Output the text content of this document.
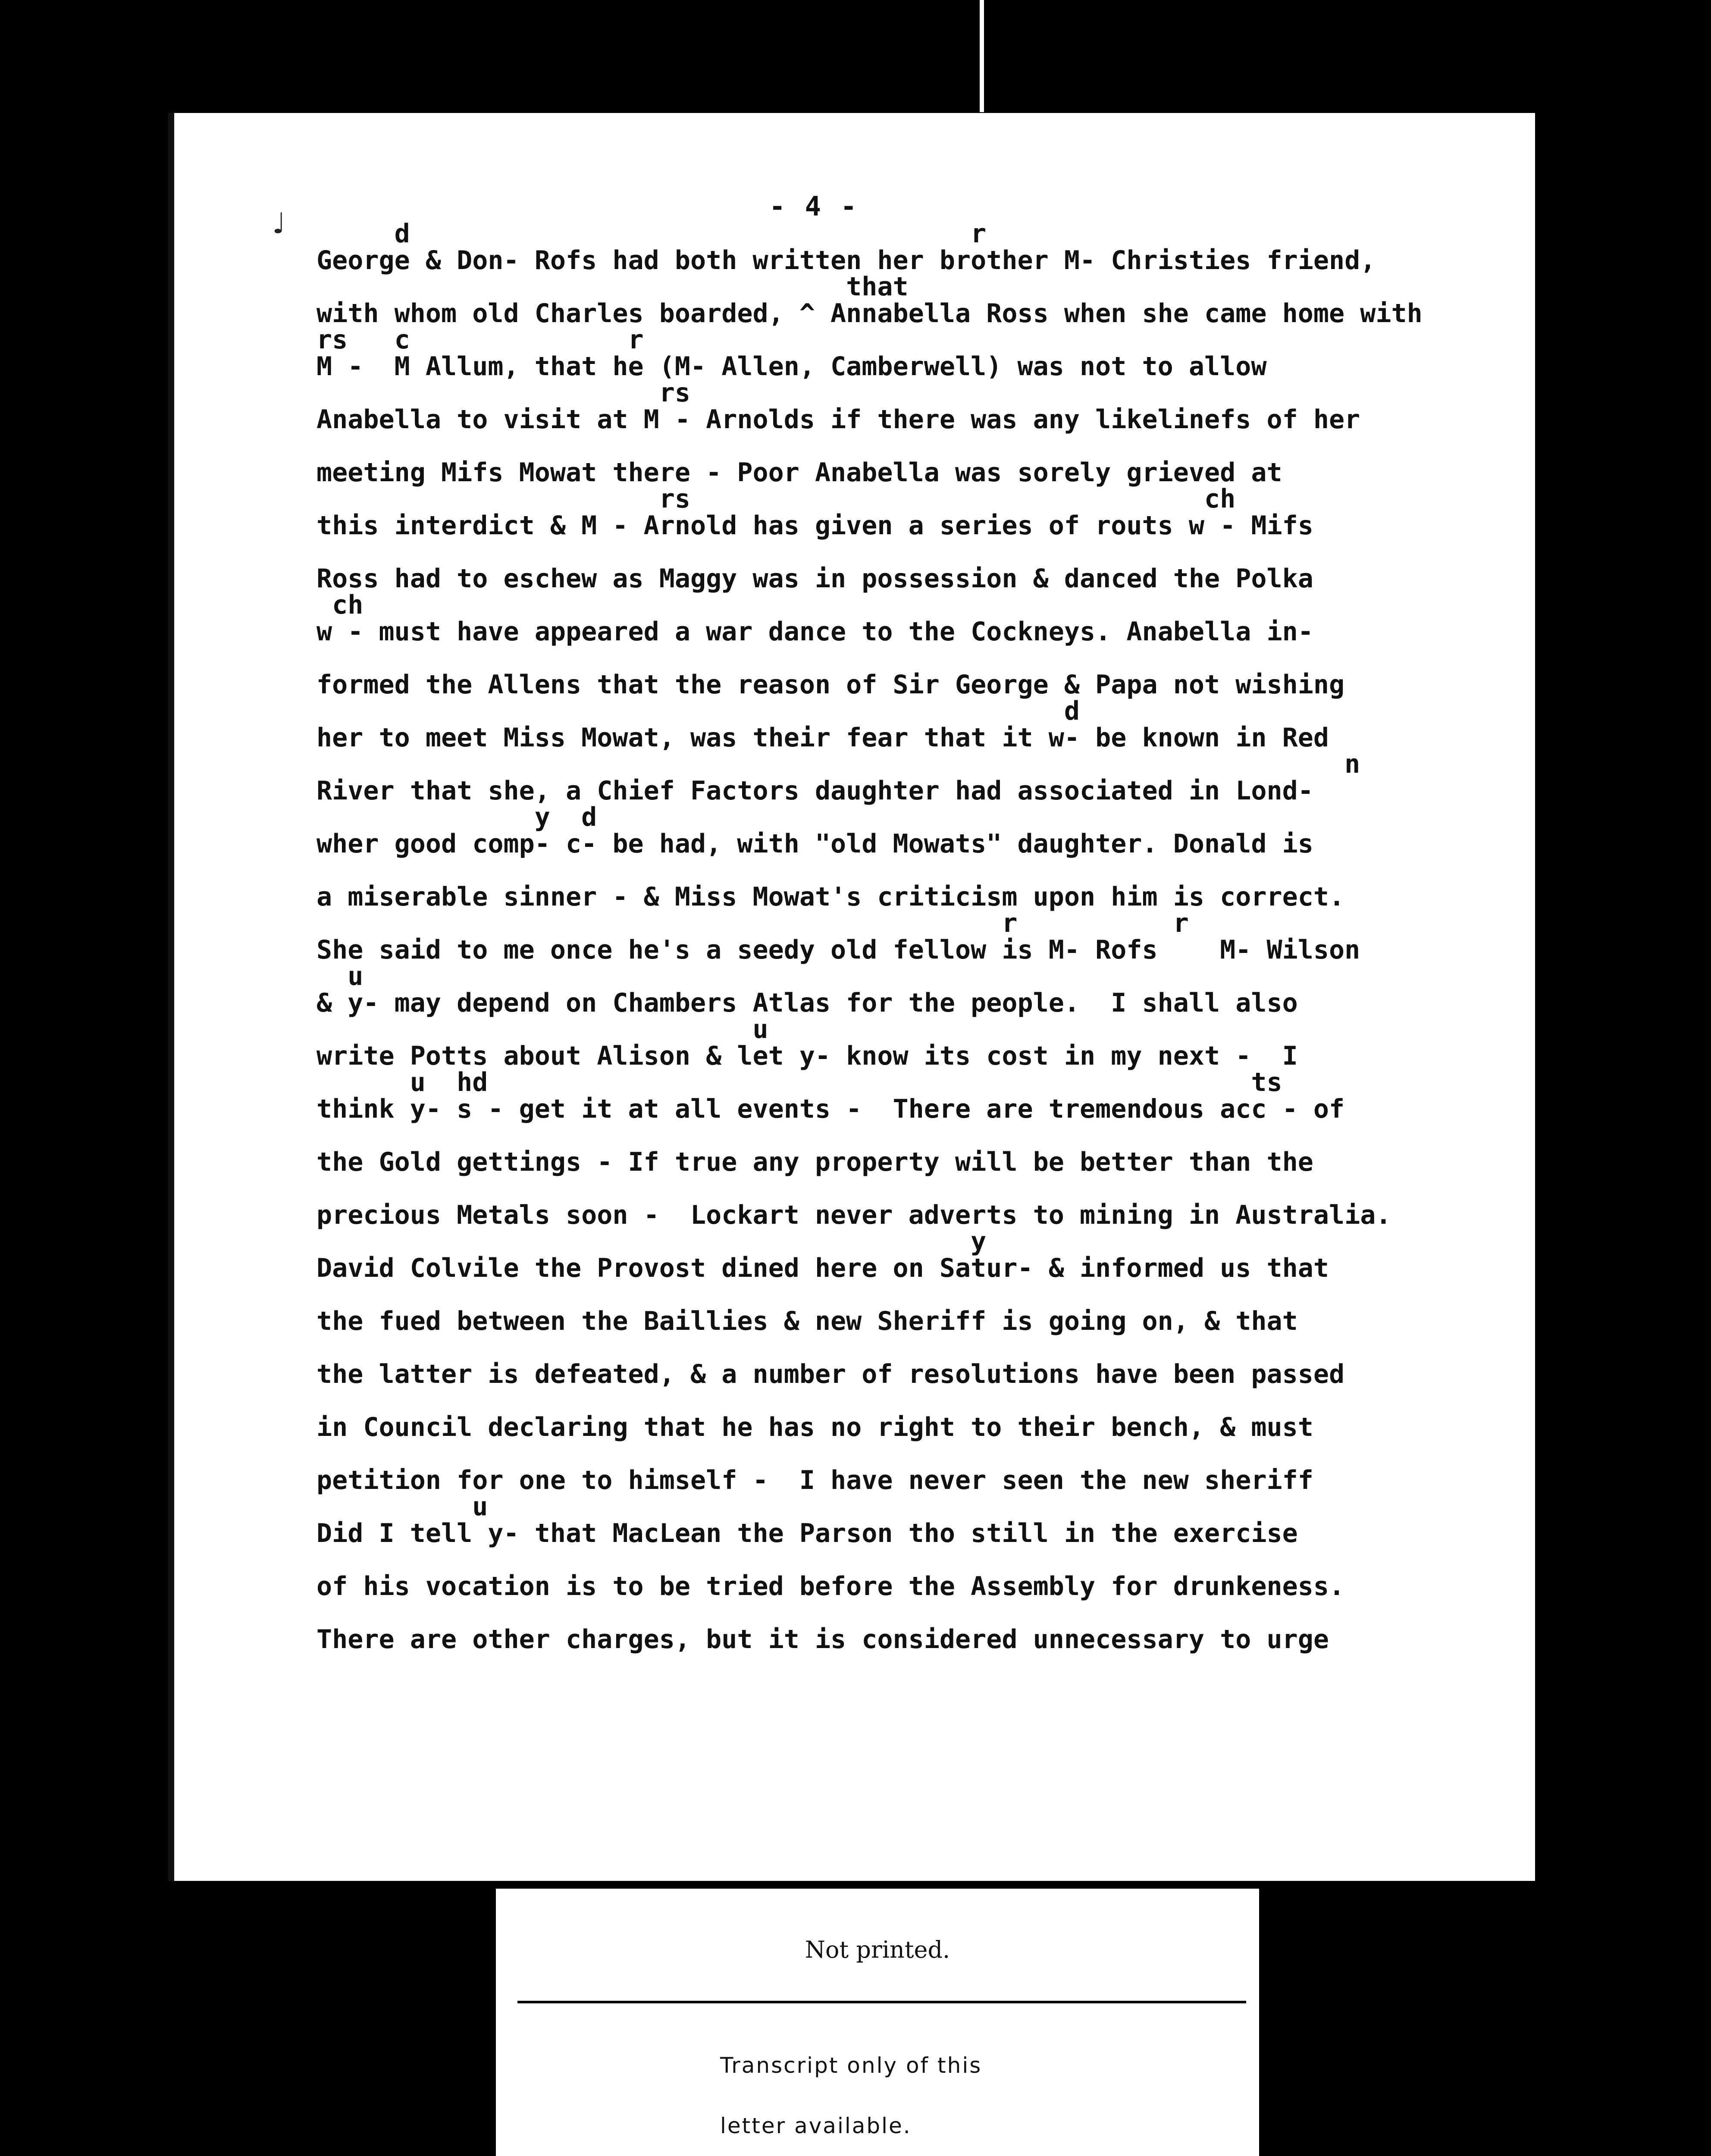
♩	- 4 -
d                                    r
George & Don- Rofs had both written her brother M- Christies friend,
that
with whom old Charles boarded, ^ Annabella Ross when she came home with
rs   c              r
M -  M Allum, that he (M- Allen, Camberwell) was not to allow
rs
Anabella to visit at M - Arnolds if there was any likelinefs of her
meeting Mifs Mowat there - Poor Anabella was sorely grieved at
rs                                 ch
this interdict & M - Arnold has given a series of routs w - Mifs
Ross had to eschew as Maggy was in possession & danced the Polka
ch
w - must have appeared a war dance to the Cockneys. Anabella in-
formed the Allens that the reason of Sir George & Papa not wishing
d
her to meet Miss Mowat, was their fear that it w- be known in Red
n
River that she, a Chief Factors daughter had associated in Lond-
y  d
wher good comp- c- be had, with "old Mowats" daughter. Donald is
a miserable sinner - & Miss Mowat's criticism upon him is correct.
r          r
She said to me once he's a seedy old fellow is M- Rofs    M- Wilson
u
& y- may depend on Chambers Atlas for the people.  I shall also
u
write Potts about Alison & let y- know its cost in my next -  I
u  hd                                                 ts
think y- s - get it at all events -  There are tremendous acc - of
the Gold gettings - If true any property will be better than the
precious Metals soon -  Lockart never adverts to mining in Australia.
y
David Colvile the Provost dined here on Satur- & informed us that
the fued between the Baillies & new Sheriff is going on, & that
the latter is defeated, & a number of resolutions have been passed
in Council declaring that he has no right to their bench, & must
petition for one to himself -  I have never seen the new sheriff
u
Did I tell y- that MacLean the Parson tho still in the exercise
of his vocation is to be tried before the Assembly for drunkeness.
There are other charges, but it is considered unnecessary to urge
Not printed.
Transcript only of this
letter available.
